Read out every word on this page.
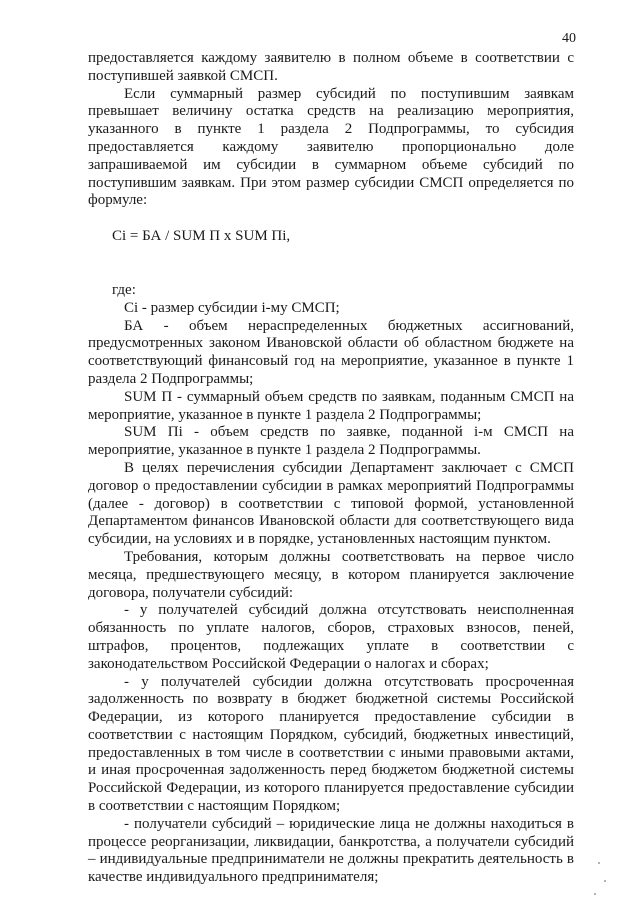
40

предоставляется каждому заявителю в полном объеме в соответствии с поступившей заявкой СМСП.

Если суммарный размер субсидий по поступившим заявкам превышает величину остатка средств на реализацию мероприятия, указанного в пункте 1 раздела 2 Подпрограммы, то субсидия предоставляется каждому заявителю пропорционально доле запрашиваемой им субсидии в суммарном объеме субсидий по поступившим заявкам. При этом размер субсидии СМСП определяется по формуле:

Ci = БА / SUM П x SUM Пi,

где:

Ci - размер субсидии i-му СМСП;

БА - объем нераспределенных бюджетных ассигнований, предусмотренных законом Ивановской области об областном бюджете на соответствующий финансовый год на мероприятие, указанное в пункте 1 раздела 2 Подпрограммы;

SUM П - суммарный объем средств по заявкам, поданным СМСП на мероприятие, указанное в пункте 1 раздела 2 Подпрограммы;

SUM Пi - объем средств по заявке, поданной i-м СМСП на мероприятие, указанное в пункте 1 раздела 2 Подпрограммы.

В целях перечисления субсидии Департамент заключает с СМСП договор о предоставлении субсидии в рамках мероприятий Подпрограммы (далее - договор) в соответствии с типовой формой, установленной Департаментом финансов Ивановской области для соответствующего вида субсидии, на условиях и в порядке, установленных настоящим пунктом.

Требования, которым должны соответствовать на первое число месяца, предшествующего месяцу, в котором планируется заключение договора, получатели субсидий:

- у получателей субсидий должна отсутствовать неисполненная обязанность по уплате налогов, сборов, страховых взносов, пеней, штрафов, процентов, подлежащих уплате в соответствии с законодательством Российской Федерации о налогах и сборах;

- у получателей субсидии должна отсутствовать просроченная задолженность по возврату в бюджет бюджетной системы Российской Федерации, из которого планируется предоставление субсидии в соответствии с настоящим Порядком, субсидий, бюджетных инвестиций, предоставленных в том числе в соответствии с иными правовыми актами, и иная просроченная задолженность перед бюджетом бюджетной системы Российской Федерации, из которого планируется предоставление субсидии в соответствии с настоящим Порядком;

- получатели субсидий – юридические лица не должны находиться в процессе реорганизации, ликвидации, банкротства, а получатели субсидий – индивидуальные предприниматели не должны прекратить деятельность в качестве индивидуального предпринимателя;
